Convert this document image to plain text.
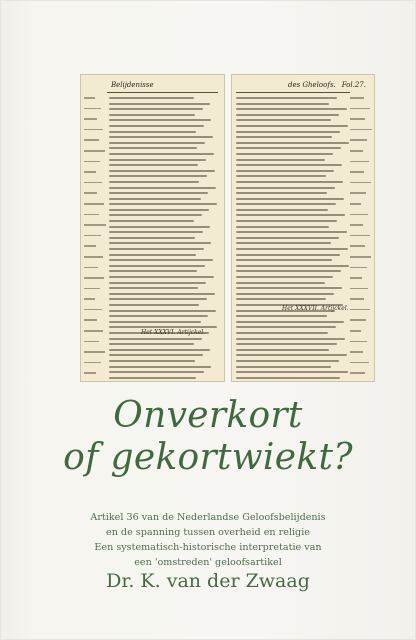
Belijdenisse
Het XXXVI. Artijckel.
des Gheloofs. Fol.27.
Het XXXVII. Artijckel.
Onverkort
of gekortwiekt?
Artikel 36 van de Nederlandse Geloofsbelijdenis
en de spanning tussen overheid en religie
Een systematisch-historische interpretatie van
een 'omstreden' geloofsartikel
Dr. K. van der Zwaag
